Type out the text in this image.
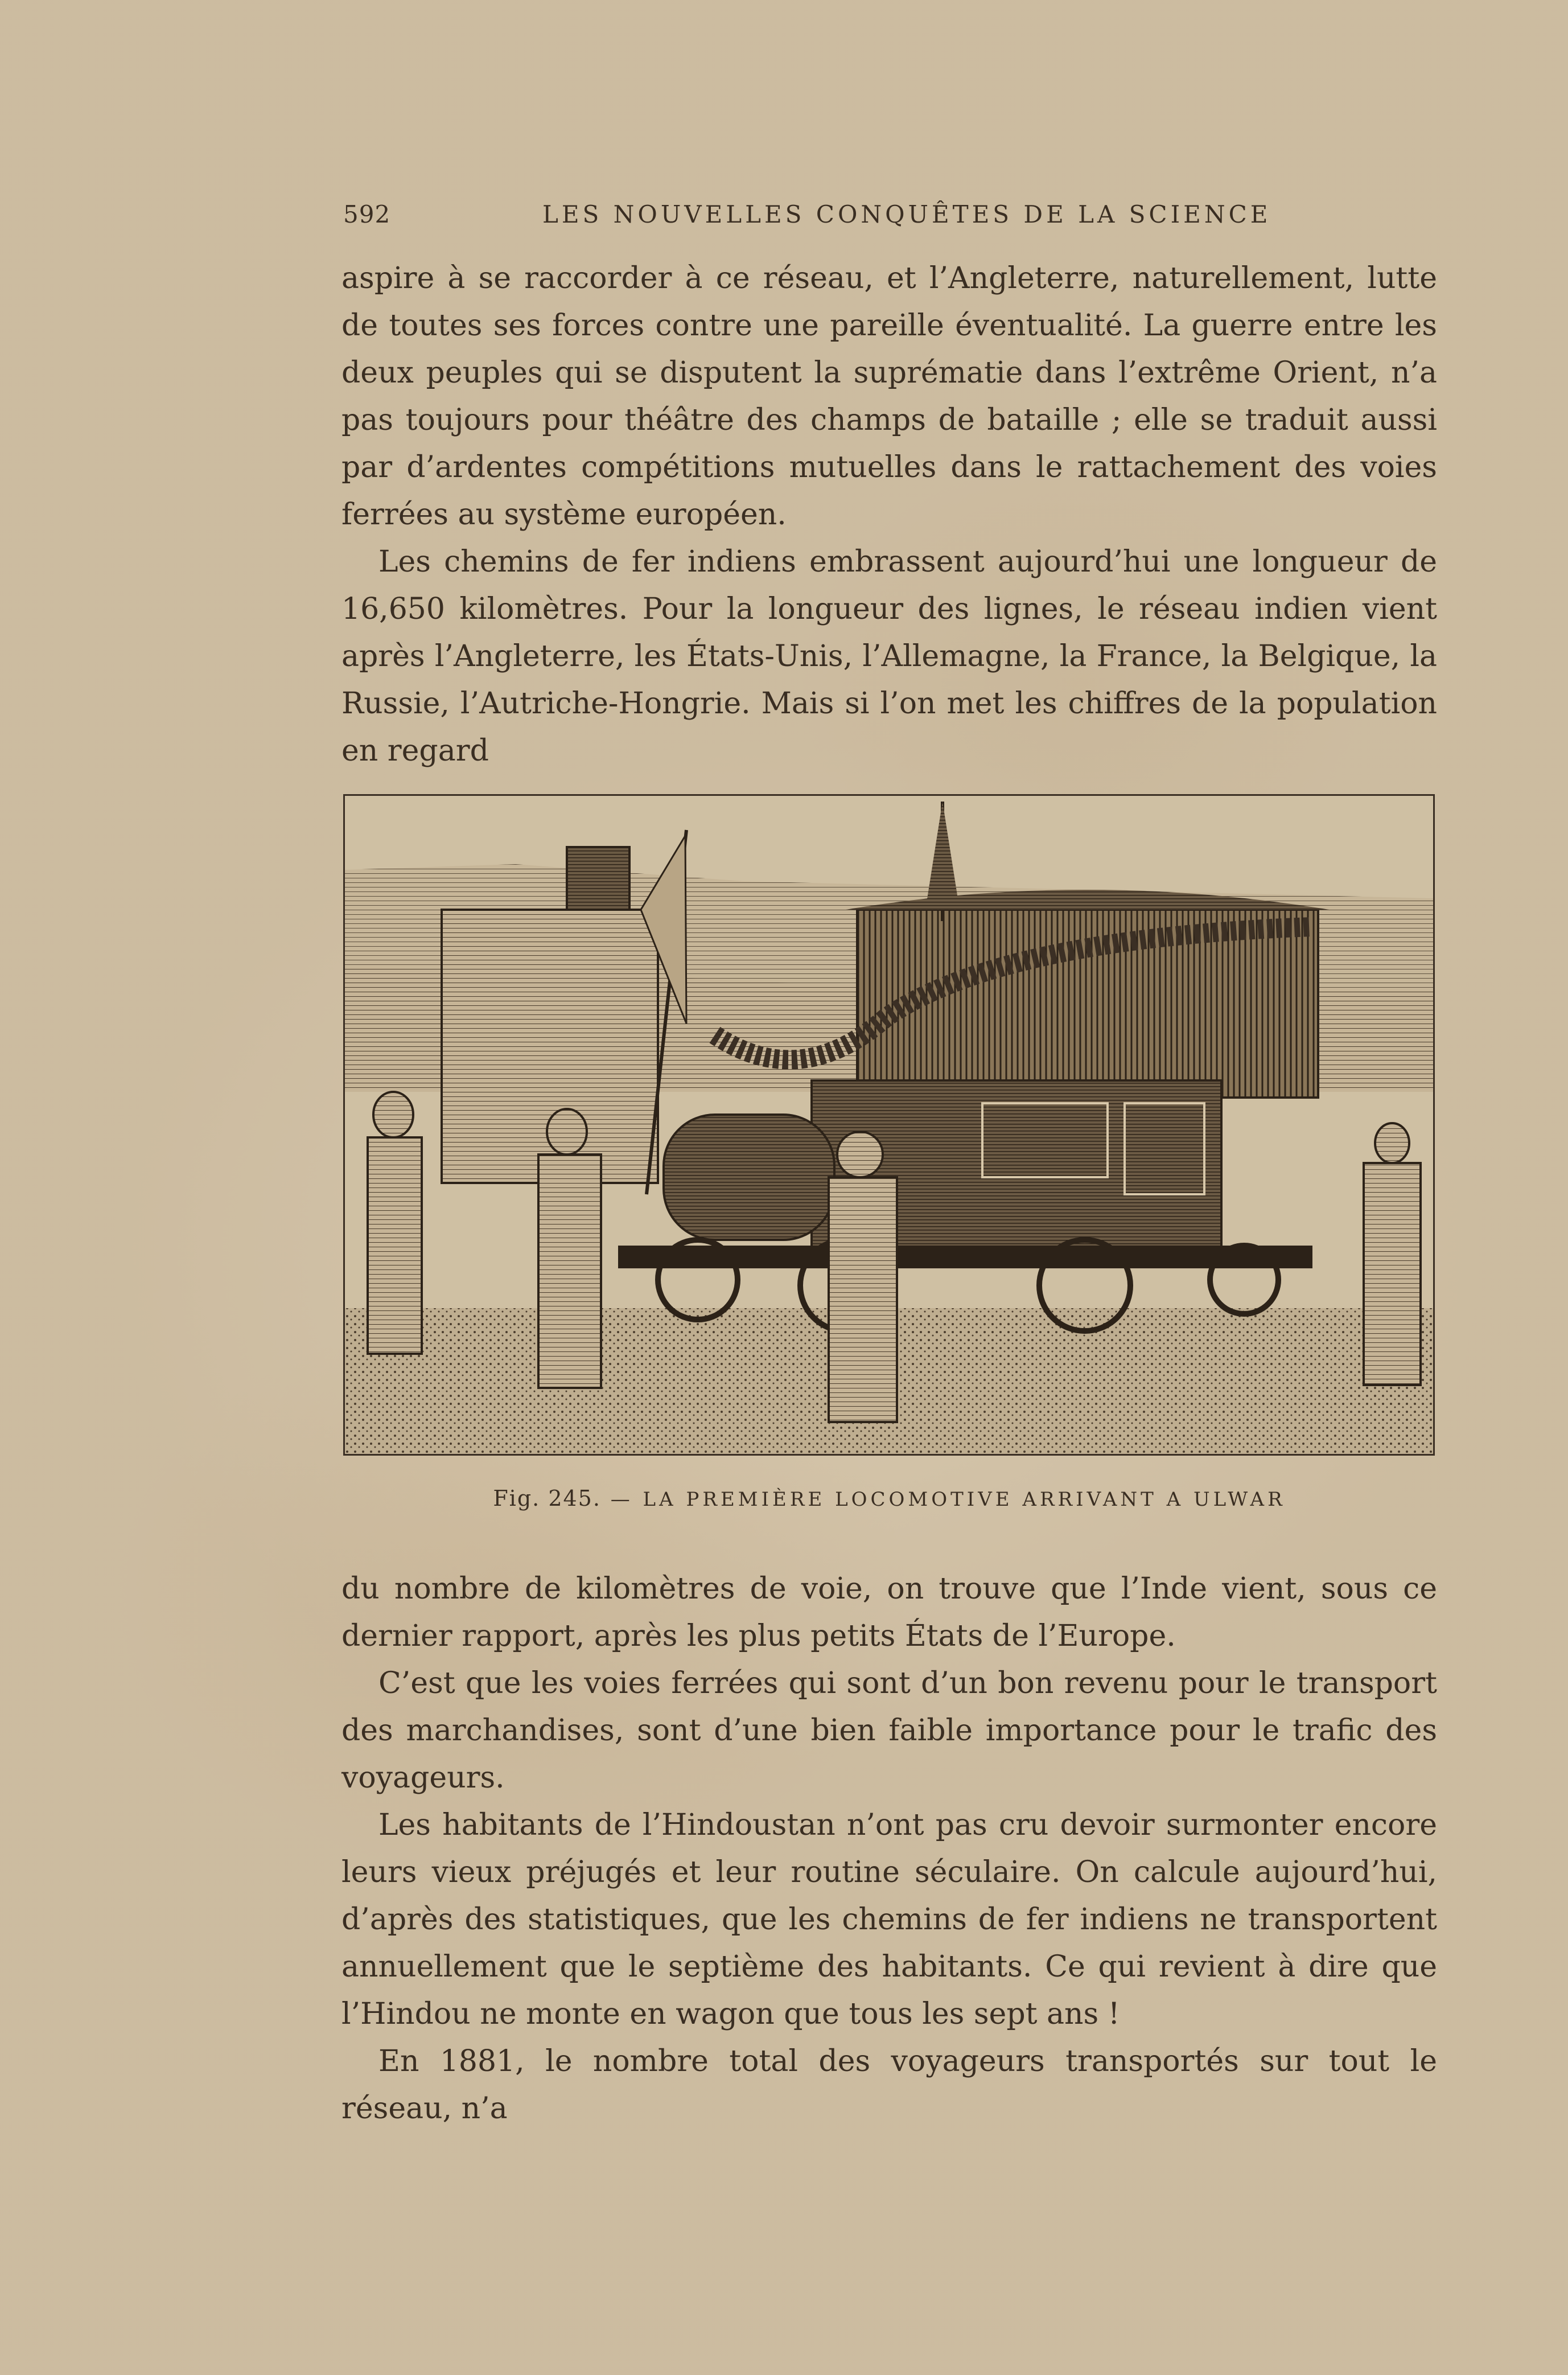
592	LES NOUVELLES CONQUÊTES DE LA SCIENCE

aspire à se raccorder à ce réseau, et l’Angleterre, naturellement, lutte de toutes ses forces contre une pareille éventualité. La guerre entre les deux peuples qui se disputent la suprématie dans l’extrême Orient, n’a pas toujours pour théâtre des champs de bataille ; elle se traduit aussi par d’ardentes compétitions mutuelles dans le rattachement des voies ferrées au système européen.

Les chemins de fer indiens embrassent aujourd’hui une longueur de 16,650 kilomètres. Pour la longueur des lignes, le réseau indien vient après l’Angleterre, les États-Unis, l’Allemagne, la France, la Belgique, la Russie, l’Autriche-Hongrie. Mais si l’on met les chiffres de la population en regard

Fig. 245. — LA PREMIÈRE LOCOMOTIVE ARRIVANT A ULWAR

du nombre de kilomètres de voie, on trouve que l’Inde vient, sous ce dernier rapport, après les plus petits États de l’Europe.

C’est que les voies ferrées qui sont d’un bon revenu pour le transport des marchandises, sont d’une bien faible importance pour le trafic des voyageurs.

Les habitants de l’Hindoustan n’ont pas cru devoir surmonter encore leurs vieux préjugés et leur routine séculaire. On calcule aujourd’hui, d’après des statistiques, que les chemins de fer indiens ne transportent annuellement que le septième des habitants. Ce qui revient à dire que l’Hindou ne monte en wagon que tous les sept ans !

En 1881, le nombre total des voyageurs transportés sur tout le réseau, n’a
